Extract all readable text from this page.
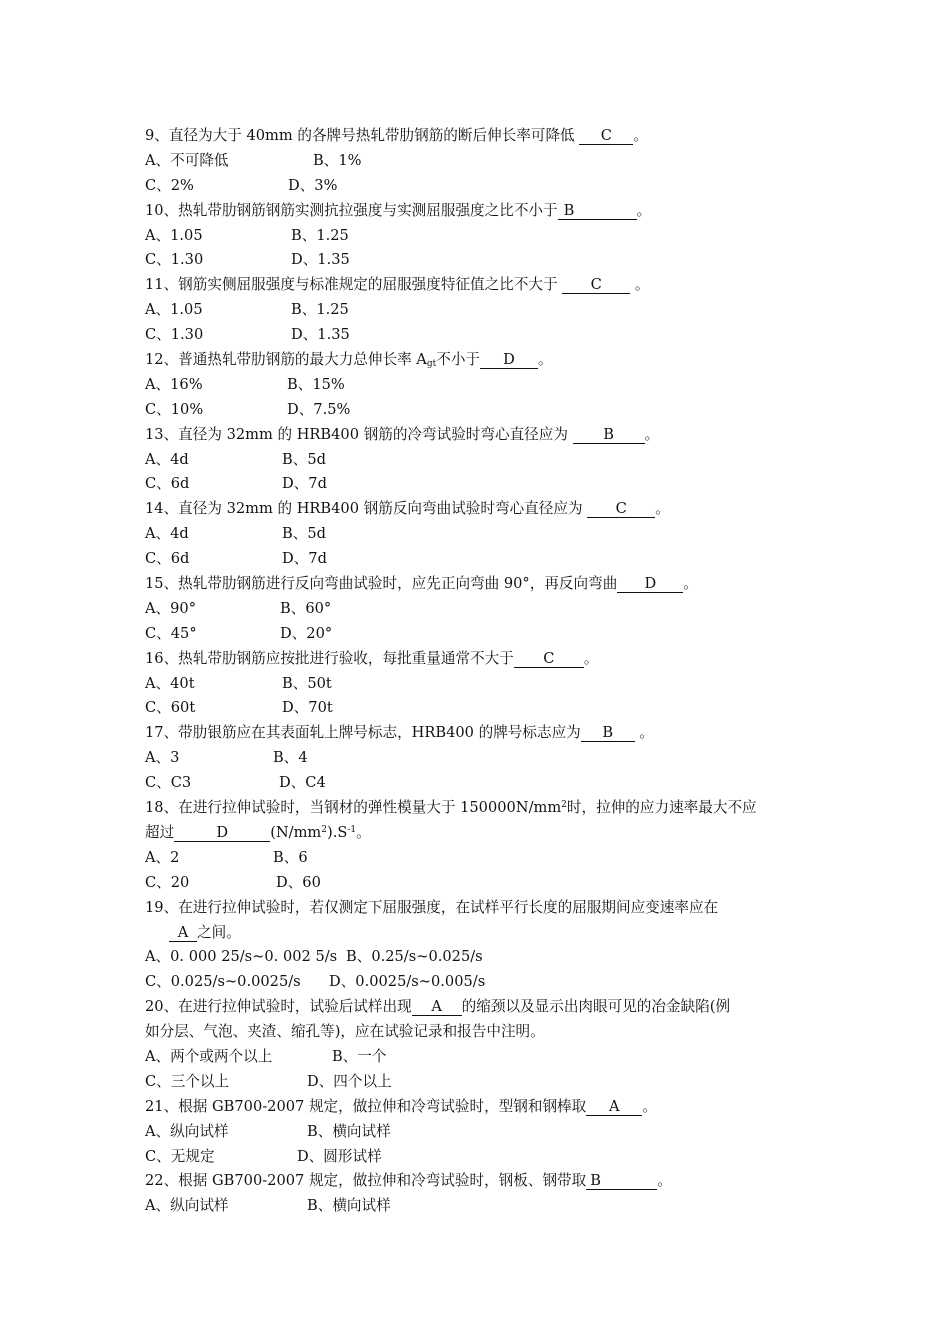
9、直径为大于 40mm 的各牌号热轧带肋钢筋的断后伸长率可降低 C 。
A、不可降低	B、1%
C、2%	D、3%
10、热轧带肋钢筋钢筋实测抗拉强度与实测屈服强度之比不小于 B	。
A、1.05	B、1.25
C、1.30	D、1.35
11、钢筋实侧屈服强度与标准规定的屈服强度特征值之比不大于 C 。
A、1.05	B、1.25
C、1.30	D、1.35
12、普通热轧带肋钢筋的最大力总伸长率 $A_{gt}$不小于 D 。
A、16%	B、15%
C、10%	D、7.5%
13、直径为 32mm 的 HRB400 钢筋的冷弯试验时弯心直径应为 B 。
A、4d	B、5d
C、6d	D、7d
14、直径为 32mm 的 HRB400 钢筋反向弯曲试验时弯心直径应为 C 。
A、4d	B、5d
C、6d	D、7d
15、热轧带肋钢筋进行反向弯曲试验时，应先正向弯曲 90°，再反向弯曲 D 。
A、90°	B、60°
C、45°	D、20°
16、热轧带肋钢筋应按批进行验收，每批重量通常不大于 C 。
A、40t	B、50t
C、60t	D、70t
17、带肋银筋应在其表面轧上牌号标志，HRB400 的牌号标志应为 B 。
A、3	B、4
C、C3	D、C4
18、在进行拉伸试验时，当钢材的弹性模量大于 $150000N/mm^2$时，拉伸的应力速率最大不应
超过	D	$(N/mm^2).S^{-1}$。
A、2	B、6
C、20	D、60
19、在进行拉伸试验时，若仅测定下屈服强度，在试样平行长度的屈服期间应变速率应在
A 之间。
A、0. 000 25/s~0. 002 5/s B、0.25/s~0.025/s
C、0.025/s~0.0025/s D、0.0025/s~0.005/s
20、在进行拉伸试验时，试验后试样出现 A 的缩颈以及显示出肉眼可见的冶金缺陷(例
如分层、气泡、夹渣、缩孔等)，应在试验记录和报告中注明。
A、两个或两个以上	B、一个
C、三个以上	D、四个以上
21、根据 GB700-2007 规定，做拉伸和冷弯试验时，型钢和钢棒取 A 。
A、纵向试样	B、横向试样
C、无规定	D、圆形试样
22、根据 GB700-2007 规定，做拉伸和冷弯试验时，钢板、钢带取 B	。
A、纵向试样	B、横向试样
